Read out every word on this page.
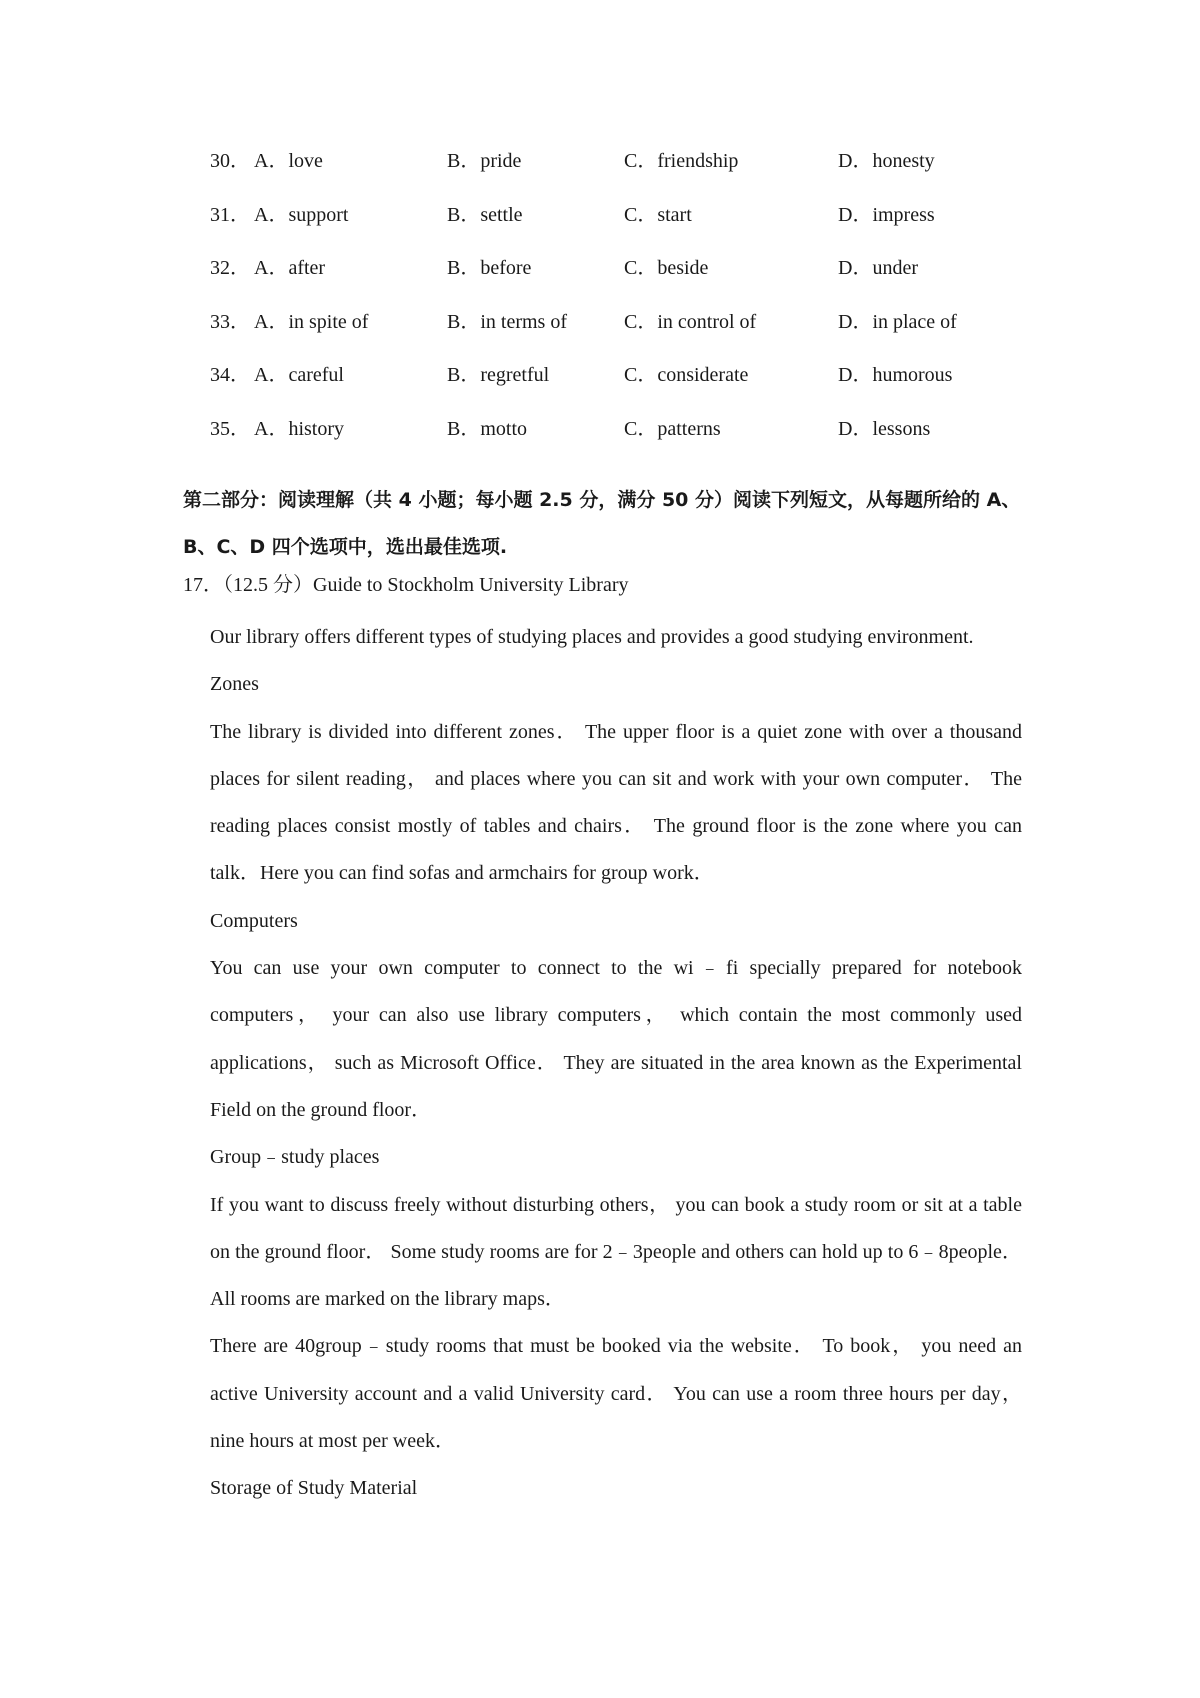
30． A．love	B．pride	C．friendship	D．honesty
31． A．support	B．settle	C．start	D．impress
32． A．after	B．before	C．beside	D．under
33． A．in spite of	B．in terms of	C．in control of	D．in place of
34． A．careful	B．regretful	C．considerate	D．humorous
35． A．history	B．motto	C．patterns	D．lessons

第二部分：阅读理解（共 4 小题；每小题 2.5 分，满分 50 分）阅读下列短文，从每题所给的 A、B、C、D 四个选项中，选出最佳选项.

17．（12.5 分）Guide to Stockholm University Library

Our library offers different types of studying places and provides a good studying environment.

Zones

The library is divided into different zones． The upper floor is a quiet zone with over a thousand places for silent reading， and places where you can sit and work with your own computer． The reading places consist mostly of tables and chairs． The ground floor is the zone where you can talk．Here you can find sofas and armchairs for group work．

Computers

You can use your own computer to connect to the wi﹣fi specially prepared for notebook computers， your can also use library computers， which contain the most commonly used applications， such as Microsoft Office． They are situated in the area known as the Experimental Field on the ground floor．

Group﹣study places

If you want to discuss freely without disturbing others， you can book a study room or sit at a table on the ground floor． Some study rooms are for 2﹣3people and others can hold up to 6﹣8people． All rooms are marked on the library maps．

There are 40group﹣study rooms that must be booked via the website． To book， you need an active University account and a valid University card． You can use a room three hours per day， nine hours at most per week．

Storage of Study Material
